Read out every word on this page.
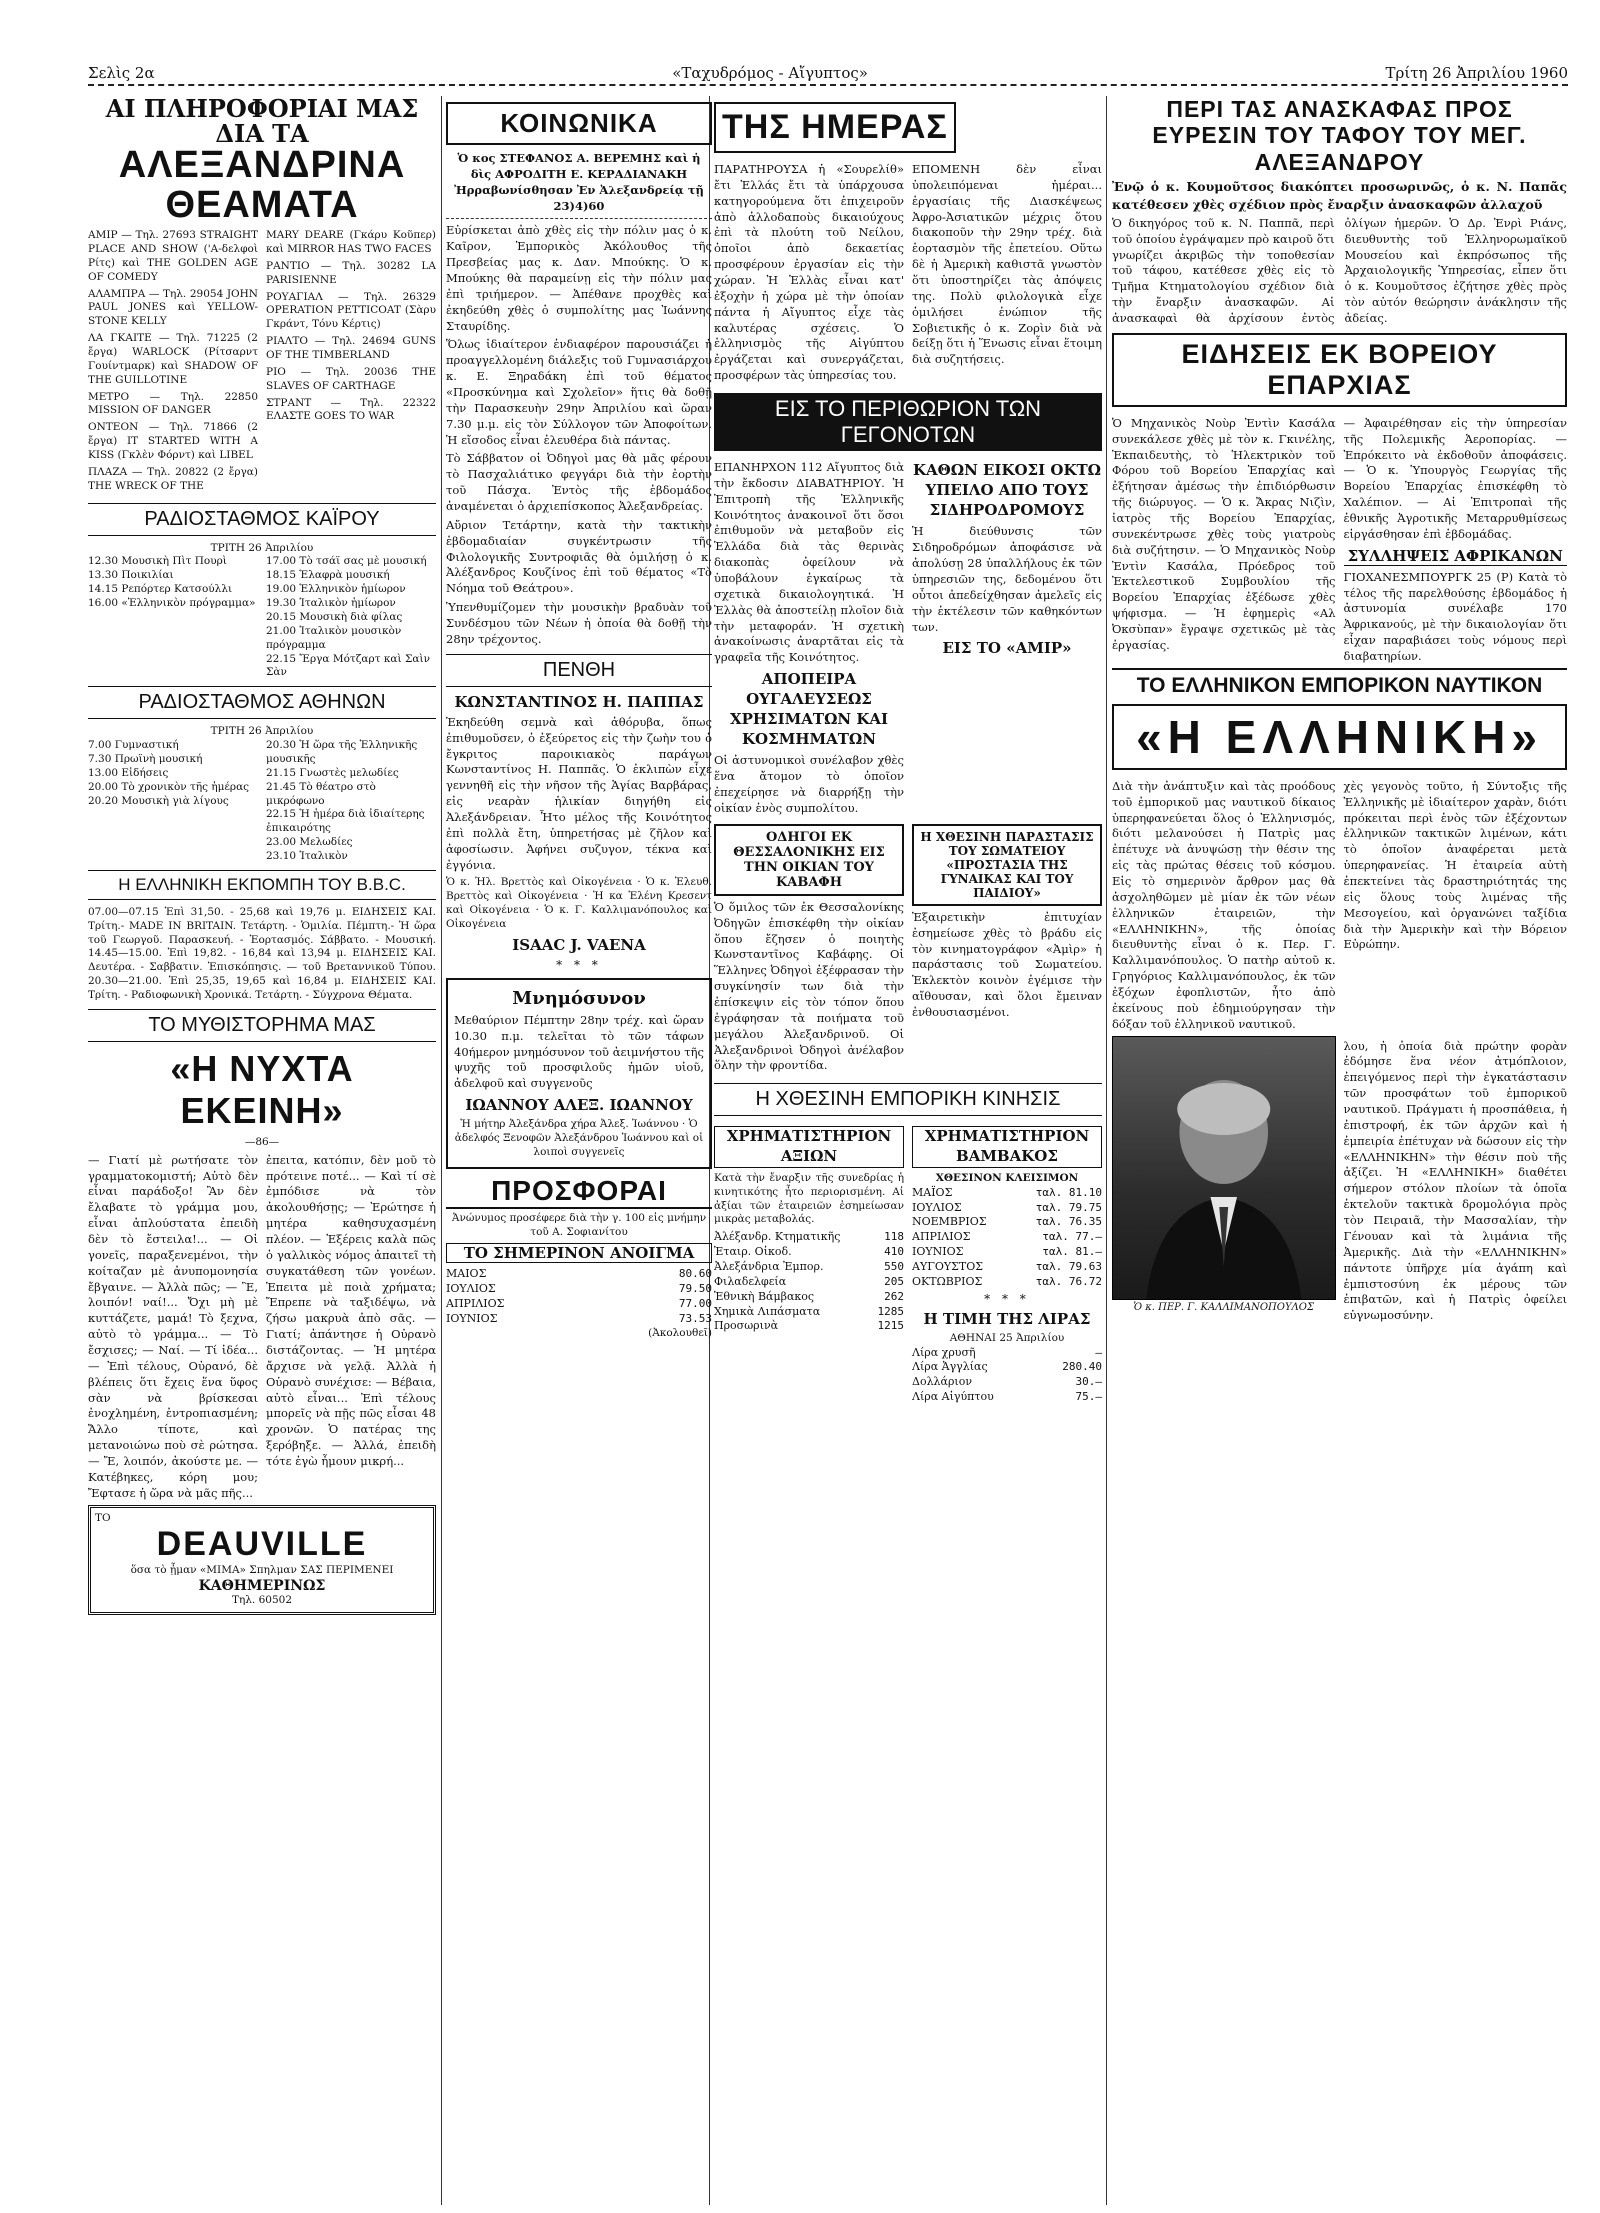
Σελὶς 2α	«Ταχυδρόμος - Αἴγυπτος»	Τρίτη 26 Ἀπριλίου 1960
ΑΙ ΠΛΗΡΟΦΟΡΙΑΙ ΜΑΣ ΔΙΑ ΤΑ
ΑΛΕΞΑΝΔΡΙΝΑ ΘΕΑΜΑΤΑ
ΑΜΙΡ — Τηλ. 27693 STRAIGHT PLACE AND SHOW ('Α-δελφοὶ Ρίτς) καὶ THE GOLDEN AGE OF COMEDY
ΑΛΑΜΠΡΑ — Τηλ. 29054 JOHN PAUL JONES καὶ YELLOW-STONE KELLY
ΛΑ ΓΚΑΙΤΕ — Τηλ. 71225 (2 ἔργα) WARLOCK (Ρίτσαρντ Γουίντμαρκ) καὶ SHADOW OF THE GUILLOTINE
ΜΕΤΡΟ — Τηλ. 22850 MISSION OF DANGER
ΟΝΤΕΟΝ — Τηλ. 71866 (2 ἔργα) IT STARTED WITH A KISS (Γκλὲν Φόρντ) καὶ LIBEL
ΠΛΑΖΑ — Τηλ. 20822 (2 ἔργα) THE WRECK OF THE
MARY DEARE (Γκάρυ Κοῦπερ) καὶ MIRROR HAS TWO FACES
ΡΑΝΤΙΟ — Τηλ. 30282 LA PARISIENNE
ΡΟΥΑΓΙΑΛ — Τηλ. 26329 OPERATION PETTICOAT (Σὰρυ Γκράντ, Τόνυ Κέρτις)
ΡΙΑΛΤΟ — Τηλ. 24694 GUNS OF THE TIMBERLAND
ΡΙΟ — Τηλ. 20036 THE SLAVES OF CARTHAGE
ΣΤΡΑΝΤ — Τηλ. 22322 ΕΛΑΣΤΕ GOES TO WAR
ΡΑΔΙΟΣΤΑΘΜΟΣ ΚΑΪΡΟΥ
ΤΡΙΤΗ 26 Ἀπριλίου
12.30 Μουσικὴ Πὶτ Πουρὶ
13.30 Ποικιλίαι
14.15 Ρεπόρτερ Κατσούλλι
16.00 «Ἑλληνικὸν πρόγραμμα»
17.00 Τὸ τσάϊ σας μὲ μουσική
18.15 Ἑλαφρὰ μουσική
19.00 Ἑλληνικὸν ἡμίωρον
19.30 Ἰταλικὸν ἡμίωρον
20.15 Μουσικὴ διὰ φίλας
21.00 Ἰταλικὸν μουσικὸν πρόγραμμα
22.15 Ἔργα Μότζαρτ καὶ Σαὶν Σὰν
ΡΑΔΙΟΣΤΑΘΜΟΣ ΑΘΗΝΩΝ
ΤΡΙΤΗ 26 Ἀπριλίου
7.00 Γυμναστική
7.30 Πρωϊνὴ μουσική
13.00 Εἰδήσεις
20.00 Τὸ χρονικὸν τῆς ἡμέρας
20.20 Μουσικὴ γιὰ λίγους
20.30 Ἡ ὥρα τῆς Ἑλληνικῆς μουσικῆς
21.15 Γνωστὲς μελωδίες
21.45 Τὸ θέατρο στὸ μικρόφωνο
22.15 Ἡ ἡμέρα διὰ ἰδιαίτερης ἐπικαιρότης
23.00 Μελωδίες
23.10 Ἰταλικὸν
Η ΕΛΛΗΝΙΚΗ ΕΚΠΟΜΠΗ ΤΟΥ Β.Β.C.
07.00—07.15 Ἐπὶ 31,50. - 25,68 καὶ 19,76 μ. ΕΙΔΗΣΕΙΣ ΚΑΙ. Τρίτη.- MADE IN BRITAIN. Τετάρτη. - Ὁμιλία. Πέμπτη.- Ἡ ὥρα τοῦ Γεωργοῦ. Παρασκευή. - Ἑορτασμός. Σάββατο. - Μουσική. 14.45—15.00. Ἐπὶ 19,82. - 16,84 καὶ 13,94 μ. ΕΙΔΗΣΕΙΣ ΚΑΙ. Δευτέρα. - Σαββατιν. Ἐπισκόπησις. — τοῦ Βρεταννικοῦ Τύπου. 20.30—21.00. Ἐπὶ 25,35, 19,65 καὶ 16,84 μ. ΕΙΔΗΣΕΙΣ ΚΑΙ. Τρίτη. - Ραδιοφωνικὴ Χρονικά. Τετάρτη. - Σύγχρονα Θέματα.
ΤΟ ΜΥΘΙΣΤΟΡΗΜΑ ΜΑΣ
«Η ΝΥΧΤΑ ΕΚΕΙΝΗ»
—86—
— Γιατί μὲ ρωτήσατε τὸν γραμματοκομιστή; Αὐτὸ δὲν εἶναι παράδοξο! Ἂν δὲν ἔλαβατε τὸ γράμμα μου, εἶναι ἀπλούστατα ἐπειδὴ δὲν τὸ ἔστειλα!... — Οἱ γονεῖς, παραξενεμένοι, τὴν κοίταζαν μὲ ἀνυπομονησία ἔβγαινε. — Ἀλλὰ πῶς; — Ἒ, λοιπόν! ναί!... Ὄχι μὴ μὲ κυττάζετε, μαμά! Τὸ ξεχνα, αὐτὸ τὸ γράμμα... — Τὸ ἔσχισες; — Ναί. — Τί ἰδέα... — Ἐπὶ τέλους, Οὐρανό, δὲ βλέπεις ὅτι ἔχεις ἕνα ὕφος σὰν νὰ βρίσκεσαι ἐνοχλημένη, ἐντροπιασμένη; Ἄλλο τίποτε, καὶ μετανοιώνω ποὺ σὲ ρώτησα. — Ἔ, λοιπόν, ἀκούστε με. — Κατέβηκες, κόρη μου; Ἔφτασε ἡ ὥρα νὰ μᾶς πῆς...
ἐπειτα, κατόπιν, δὲν μοῦ τὸ πρότεινε ποτέ... — Καὶ τί σὲ ἐμπόδισε νὰ τὸν ἀκολουθήσῃς; — Ἐρώτησε ἡ μητέρα καθησυχασμένη πλέον. — Ἐξέρεις καλὰ πῶς ὁ γαλλικὸς νόμος ἀπαιτεῖ τὴ συγκατάθεση τῶν γονέων. Ἐπειτα μὲ ποιὰ χρήματα; Ἔπρεπε νὰ ταξιδέψω, νὰ ζήσω μακρυὰ ἀπὸ σᾶς. — Γιατί; ἀπάντησε ἡ Οὐρανὸ διστάζοντας. — Ἡ μητέρα ἄρχισε νὰ γελᾷ. Ἀλλὰ ἡ Οὐρανὸ συνέχισε: — Βέβαια, αὐτὸ εἶναι... Ἐπὶ τέλους μπορεῖς νὰ πῇς πῶς εἶσαι 48 χρονῶν. Ὁ πατέρας της ξερόβηξε. — Ἀλλά, ἐπειδὴ τότε ἐγὼ ἦμουν μικρή...
TO
DEAUVILLE
ὅσα τὸ ᾖμαν «ΜΙΜΑ» Σπηλμαν ΣΑΣ ΠΕΡΙΜΕΝΕΙ
ΚΑΘΗΜΕΡΙΝΩΣ
Τηλ. 60502
ΚΟΙΝΩΝΙΚΑ
Ὁ κος ΣΤΕΦΑΝΟΣ Α. ΒΕΡΕΜΗΣ καὶ ἡ δὶς ΑΦΡΟΔΙΤΗ Ε. ΚΕΡΑΔΙΑΝΑΚΗ Ἠρραβωνίσθησαν Ἐν Ἀλεξανδρείᾳ τῇ 23)4)60
Εὐρίσκεται ἀπὸ χθὲς εἰς τὴν πόλιν μας ὁ κ. Καῖρον, Ἐμπορικὸς Ἀκόλουθος τῆς Πρεσβείας μας κ. Δαν. Μπούκης. Ὁ κ. Μπούκης θὰ παραμείνῃ εἰς τὴν πόλιν μας ἐπὶ τριήμερον. — Ἀπέθανε προχθὲς καὶ ἐκηδεύθη χθὲς ὁ συμπολίτης μας Ἰωάννης Σταυρίδης.
Ὅλως ἰδιαίτερον ἐνδιαφέρον παρουσιάζει ἡ προαγγελλομένη διάλεξις τοῦ Γυμνασιάρχου κ. Ε. Ξηραδάκη ἐπὶ τοῦ θέματος «Προσκύνημα καὶ Σχολεῖον» ἥτις θὰ δοθῇ τὴν Παρασκευὴν 29ην Ἀπριλίου καὶ ὥραν 7.30 μ.μ. εἰς τὸν Σύλλογον τῶν Ἀποφοίτων. Ἡ εἴσοδος εἶναι ἐλευθέρα διὰ πάντας.
Τὸ Σάββατον οἱ Ὀδηγοὶ μας θὰ μᾶς φέρουν τὸ Πασχαλιάτικο φεγγάρι διὰ τὴν ἐορτὴν τοῦ Πάσχα. Ἐντὸς τῆς ἑβδομάδος ἀναμένεται ὁ ἀρχιεπίσκοπος Ἀλεξανδρείας.
Αὔριον Τετάρτην, κατὰ τὴν τακτικὴν ἑβδομαδιαίαν συγκέντρωσιν τῆς Φιλολογικῆς Συντροφιᾶς θὰ ὁμιλήσῃ ὁ κ. Ἀλέξανδρος Κουζίνος ἐπὶ τοῦ θέματος «Τὸ Νόημα τοῦ Θεάτρου».
Ὑπενθυμίζομεν τὴν μουσικὴν βραδυὰν τοῦ Συνδέσμου τῶν Νέων ἡ ὁποία θὰ δοθῇ τὴν 28ην τρέχοντος.
ΠΕΝΘΗ
ΚΩΝΣΤΑΝΤΙΝΟΣ Η. ΠΑΠΠΑΣ
Ἐκηδεύθη σεμνὰ καὶ ἀθόρυβα, ὅπως ἐπιθυμοῦσεν, ὁ ἐξεύρετος εἰς τὴν ζωὴν του ὁ ἔγκριτος παροικιακὸς παράγων Κωνσταντίνος Η. Παππᾶς. Ὁ ἐκλιπὼν εἶχε γεννηθῆ εἰς τὴν νῆσον τῆς Ἁγίας Βαρβάρας, εἰς νεαρὰν ἡλικίαν διηγήθη εἰς Ἀλεξάνδρειαν. Ἦτο μέλος τῆς Κοινότητος ἐπὶ πολλὰ ἔτη, ὑπηρετήσας μὲ ζῆλον καὶ ἀφοσίωσιν. Ἀφήνει συζυγον, τέκνα καὶ ἐγγόνια.
Ὁ κ. Ἠλ. Βρεττὸς καὶ Οἰκογένεια · Ὁ κ. Ἐλευθ. Βρεττὸς καὶ Οἰκογένεια · Ἡ κα Ἐλένη Κρεσεντ καὶ Οἰκογένεια · Ὁ κ. Γ. Καλλιμανόπουλος καὶ Οἰκογένεια
ISAAC J. VAENA
* * *
Μνημόσυνον
Μεθαύριον Πέμπτην 28ην τρέχ. καὶ ὥραν 10.30 π.μ. τελεῖται τὸ τῶν τάφων 40ήμερον μνημόσυνον τοῦ ἀειμνήστου τῆς ψυχῆς τοῦ προσφιλοῦς ἡμῶν υἱοῦ, ἀδελφοῦ καὶ συγγενοῦς
ΙΩΑΝΝΟΥ ΑΛΕΞ. ΙΩΑΝΝΟΥ
Ἡ μήτηρ Ἀλεξάνδρα χήρα Ἀλεξ. Ἰωάννου · Ὁ ἀδελφός Ξενοφῶν Ἀλεξάνδρου Ἰωάννου καὶ οἱ λοιποὶ συγγενεῖς
ΠΡΟΣΦΟΡΑΙ
Ἀνώνυμος προσέφερε διὰ τὴν γ. 100 εἰς μνήμην τοῦ Α. Σοφιανίτου
ΤΟ ΣΗΜΕΡΙΝΟΝ ΑΝΟΙΓΜΑ
ΜΑΙΟΣ	80.60
ΙΟΥΛΙΟΣ	79.50
ΑΠΡΙΛΙΟΣ	77.00
ΙΟΥΝΙΟΣ	73.53
(Ἀκολουθεῖ)
ΤΗΣ ΗΜΕΡΑΣ
ΠΑΡΑΤΗΡΟΥΣΑ ἡ «Σουρελίθ» ἔτι Ἑλλάς ἔτι τὰ ὑπάρχουσα κατηγορούμενα ὅτι ἐπιχειροῦν ἀπὸ ἀλλοδαποὺς δικαιούχους ἐπὶ τὰ πλούτη τοῦ Νείλου, ὁποῖοι ἀπὸ δεκαετίας προσφέρουν ἐργασίαν εἰς τὴν χώραν. Ἡ Ἑλλὰς εἶναι κατ' ἐξοχὴν ἡ χώρα μὲ τὴν ὁποίαν πάντα ἡ Αἴγυπτος εἶχε τὰς καλυτέρας σχέσεις. Ὁ ἑλληνισμὸς τῆς Αἰγύπτου ἐργάζεται καὶ συνεργάζεται, προσφέρων τὰς ὑπηρεσίας του.
ΕΠΟΜΕΝΗ δὲν εἶναι ὑπολειπόμεναι ἡμέραι... ἐργασίαις τῆς Διασκέψεως Ἀφρο-Ἀσιατικῶν μέχρις ὅτου διακοποῦν τὴν 29ην τρέχ. διὰ ἑορτασμὸν τῆς ἐπετείου. Οὕτω δὲ ἡ Ἀμερικὴ καθιστᾶ γνωστὸν ὅτι ὑποστηρίζει τὰς ἀπόψεις της. Πολὺ φιλολογικὰ εἶχε ὁμιλήσει ἐνώπιον τῆς Σοβιετικῆς ὁ κ. Ζορὶν διὰ νὰ δείξῃ ὅτι ἡ Ἕνωσις εἶναι ἕτοιμη διὰ συζητήσεις.
ΕΙΣ ΤΟ ΠΕΡΙΘΩΡΙΟΝ ΤΩΝ ΓΕΓΟΝΟΤΩΝ
ΕΠΑΝΗΡΧΟΝ 112 Αἴγυπτος διὰ τὴν ἔκδοσιν ΔΙΑΒΑΤΗΡΙΟΥ. Ἡ Ἐπιτροπὴ τῆς Ἑλληνικῆς Κοινότητος ἀνακοινοῖ ὅτι ὅσοι ἐπιθυμοῦν νὰ μεταβοῦν εἰς Ἑλλάδα διὰ τὰς θερινὰς διακοπὰς ὀφείλουν νὰ ὑποβάλουν ἐγκαίρως τὰ σχετικὰ δικαιολογητικά. Ἡ Ἑλλὰς θὰ ἀποστείλῃ πλοῖον διὰ τὴν μεταφοράν. Ἡ σχετικὴ ἀνακοίνωσις ἀναρτᾶται εἰς τὰ γραφεῖα τῆς Κοινότητος.
ΑΠΟΠΕΙΡΑ ΟΥΓΑΛΕΥΣΕΩΣ ΧΡΗΣΙΜΑΤΩΝ ΚΑΙ ΚΟΣΜΗΜΑΤΩΝ
Οἱ ἀστυνομικοὶ συνέλαβον χθὲς ἕνα ἄτομον τὸ ὁποῖον ἐπεχείρησε νὰ διαρρήξῃ τὴν οἰκίαν ἑνὸς συμπολίτου.
ΚΑΘΩΝ ΕΙΚΟΣΙ ΟΚΤΩ ΥΠΕΙΛΟ ΑΠΟ ΤΟΥΣ ΣΙΔΗΡΟΔΡΟΜΟΥΣ
Ἡ διεύθυνσις τῶν Σιδηροδρόμων ἀποφάσισε νὰ ἀπολύσῃ 28 ὑπαλλήλους ἐκ τῶν ὑπηρεσιῶν της, δεδομένου ὅτι οὗτοι ἀπεδείχθησαν ἀμελεῖς εἰς τὴν ἐκτέλεσιν τῶν καθηκόντων των.
ΕΙΣ ΤΟ «ΑΜΙΡ»
ΟΔΗΓΟΙ ΕΚ ΘΕΣΣΑΛΟΝΙΚΗΣ ΕΙΣ ΤΗΝ ΟΙΚΙΑΝ ΤΟΥ ΚΑΒΑΦΗ
Ὁ ὅμιλος τῶν ἐκ Θεσσαλονίκης Ὀδηγῶν ἐπισκέφθη τὴν οἰκίαν ὅπου ἔζησεν ὁ ποιητὴς Κωνσταντῖνος Καβάφης. Οἱ Ἕλληνες Ὀδηγοὶ ἐξέφρασαν τὴν συγκίνησίν των διὰ τὴν ἐπίσκεψιν εἰς τὸν τόπον ὅπου ἐγράφησαν τὰ ποιήματα τοῦ μεγάλου Ἀλεξανδρινοῦ. Οἱ Ἀλεξανδρινοὶ Ὀδηγοὶ ἀνέλαβον ὅλην τὴν φροντίδα.
Η ΧΘΕΣΙΝΗ ΠΑΡΑΣΤΑΣΙΣ ΤΟΥ ΣΩΜΑΤΕΙΟΥ «ΠΡΟΣΤΑΣΙΑ ΤΗΣ ΓΥΝΑΙΚΑΣ ΚΑΙ ΤΟΥ ΠΑΙΔΙΟΥ»
Ἐξαιρετικὴν ἐπιτυχίαν ἐσημείωσε χθὲς τὸ βράδυ εἰς τὸν κινηματογράφον «Ἀμὶρ» ἡ παράστασις τοῦ Σωματείου. Ἐκλεκτὸν κοινὸν ἐγέμισε τὴν αἴθουσαν, καὶ ὅλοι ἔμειναν ἐνθουσιασμένοι.
Η ΧΘΕΣΙΝΗ ΕΜΠΟΡΙΚΗ ΚΙΝΗΣΙΣ
ΧΡΗΜΑΤΙΣΤΗΡΙΟΝ ΑΞΙΩΝ
Κατὰ τὴν ἔναρξιν τῆς συνεδρίας ἡ κινητικότης ἦτο περιορισμένη. Αἱ ἀξίαι τῶν ἐταιρειῶν ἐσημείωσαν μικρὰς μεταβολάς.
Ἀλέξανδρ. Κτηματικῆς	118
Ἐταιρ. Οἰκοδ.	410
Ἀλεξάνδρια Ἐμπορ.	550
Φιλαδελφεία	205
Ἐθνικὴ Βάμβακος	262
Χημικὰ Λιπάσματα	1285
Προσωρινὰ	1215
ΧΡΗΜΑΤΙΣΤΗΡΙΟΝ ΒΑΜΒΑΚΟΣ
ΧΘΕΣΙΝΟΝ ΚΛΕΙΣΙΜΟΝ
ΜΑΪΟΣ	ταλ. 81.10
ΙΟΥΛΙΟΣ	ταλ. 79.75
ΝΟΕΜΒΡΙΟΣ	ταλ. 76.35
ΑΠΡΙΛΙΟΣ	ταλ. 77.—
ΙΟΥΝΙΟΣ	ταλ. 81.—
ΑΥΓΟΥΣΤΟΣ	ταλ. 79.63
ΟΚΤΩΒΡΙΟΣ	ταλ. 76.72
* * *
Η ΤΙΜΗ ΤΗΣ ΛΙΡΑΣ
ΑΘΗΝΑΙ 25 Ἀπριλίου
Λίρα χρυσῆ	—
Λίρα Ἀγγλίας	280.40
Δολλάριον	30.—
Λίρα Αἰγύπτου	75.—
ΠΕΡΙ ΤΑΣ ΑΝΑΣΚΑΦΑΣ ΠΡΟΣ ΕΥΡΕΣΙΝ ΤΟΥ ΤΑΦΟΥ ΤΟΥ ΜΕΓ. ΑΛΕΞΑΝΔΡΟΥ
Ἐνῷ ὁ κ. Κουμοῦτσος διακόπτει προσωρινῶς, ὁ κ. Ν. Παπᾶς κατέθεσεν χθὲς σχέδιον πρὸς ἔναρξιν ἀνασκαφῶν ἀλλαχοῦ
Ὁ δικηγόρος τοῦ κ. Ν. Παππᾶ, περὶ τοῦ ὁποίου ἐγράψαμεν πρὸ καιροῦ ὅτι γνωρίζει ἀκριβῶς τὴν τοποθεσίαν τοῦ τάφου, κατέθεσε χθὲς εἰς τὸ Τμῆμα Κτηματολογίου σχέδιον διὰ τὴν ἔναρξιν ἀνασκαφῶν. Αἱ ἀνασκαφαὶ θὰ ἀρχίσουν ἐντὸς ὀλίγων ἡμερῶν. Ὁ Δρ. Ἐνρὶ Ριάνς, διευθυντὴς τοῦ Ἑλληνορωμαϊκοῦ Μουσείου καὶ ἐκπρόσωπος τῆς Ἀρχαιολογικῆς Ὑπηρεσίας, εἶπεν ὅτι ὁ κ. Κουμοῦτσος ἐζήτησε χθὲς πρὸς τὸν αὐτόν θεώρησιν ἀνάκλησιν τῆς ἀδείας.
ΕΙΔΗΣΕΙΣ ΕΚ ΒΟΡΕΙΟΥ ΕΠΑΡΧΙΑΣ
Ὁ Μηχανικὸς Νοὺρ Ἐντὶν Κασάλα συνεκάλεσε χθὲς μὲ τὸν κ. Γκινέλης, Ἐκπαιδευτὴς, τὸ Ἡλεκτρικὸν τοῦ Φόρου τοῦ Βορείου Ἐπαρχίας καὶ ἐξήτησαν ἀμέσως τὴν ἐπιδιόρθωσιν τῆς διώρυγος. — Ὁ κ. Ἄκρας Νιζὶν, ἰατρὸς τῆς Βορείου Ἐπαρχίας, συνεκέντρωσε χθὲς τοὺς γιατροὺς διὰ συζήτησιν. — Ὁ Μηχανικὸς Νοὺρ Ἐντὶν Κασάλα, Πρόεδρος τοῦ Ἐκτελεστικοῦ Συμβουλίου τῆς Βορείου Ἐπαρχίας ἐξέδωσε χθὲς ψήφισμα. — Ἡ ἐφημερὶς «Αλ Ὀκσὺπαν» ἔγραψε σχετικῶς μὲ τὰς ἐργασίας.
— Ἀφαιρέθησαν εἰς τὴν ὑπηρεσίαν τῆς Πολεμικῆς Ἀεροπορίας. — Ἐπρόκειτο νὰ ἐκδοθοῦν ἀποφάσεις. — Ὁ κ. Ὑπουργὸς Γεωργίας τῆς Βορείου Ἐπαρχίας ἐπισκέφθη τὸ Χαλέπιον. — Αἱ Ἐπιτροπαὶ τῆς ἐθνικῆς Ἀγροτικῆς Μεταρρυθμίσεως εἰργάσθησαν ἐπὶ ἑβδομάδας.
ΣΥΛΛΗΨΕΙΣ ΑΦΡΙΚΑΝΩΝ
ΓΙΟΧΑΝΕΣΜΠΟΥΡΓΚ 25 (Ρ) Κατὰ τὸ τέλος τῆς παρελθούσης ἑβδομάδος ἡ ἀστυνομία συνέλαβε 170 Ἀφρικανούς, μὲ τὴν δικαιολογίαν ὅτι εἶχαν παραβιάσει τοὺς νόμους περὶ διαβατηρίων.
ΤΟ ΕΛΛΗΝΙΚΟΝ ΕΜΠΟΡΙΚΟΝ ΝΑΥΤΙΚΟΝ
«Η ΕΛΛΗΝΙΚΗ»
Διὰ τὴν ἀνάπτυξιν καὶ τὰς προόδους τοῦ ἐμπορικοῦ μας ναυτικοῦ δίκαιος ὑπερηφανεύεται ὅλος ὁ Ἑλληνισμός, διότι μελανούσει ἡ Πατρὶς μας ἐπέτυχε νὰ ἀνυψώσῃ τὴν θέσιν της εἰς τὰς πρώτας θέσεις τοῦ κόσμου. Εἰς τὸ σημερινὸν ἄρθρον μας θὰ ἀσχοληθῶμεν μὲ μίαν ἐκ τῶν νέων ἑλληνικῶν ἐταιρειῶν, τὴν «ΕΛΛΗΝΙΚΗΝ», τῆς ὁποίας διευθυντὴς εἶναι ὁ κ. Περ. Γ. Καλλιμανόπουλος. Ὁ πατὴρ αὐτοῦ κ. Γρηγόριος Καλλιμανόπουλος, ἐκ τῶν ἐξόχων ἐφοπλιστῶν, ἦτο ἀπὸ ἐκείνους ποὺ ἐδημιούργησαν τὴν δόξαν τοῦ ἑλληνικοῦ ναυτικοῦ.
χὲς γεγονὸς τοῦτο, ἡ Σύντοξις τῆς Ἑλληνικῆς μὲ ἰδιαίτερον χαρὰν, διότι πρόκειται περὶ ἑνὸς τῶν ἐξέχοντων ἑλληνικῶν τακτικῶν λιμένων, κάτι τὸ ὁποῖον ἀναφέρεται μετὰ ὑπερηφανείας. Ἡ ἐταιρεία αὐτὴ ἐπεκτείνει τὰς δραστηριότητάς της εἰς ὅλους τοὺς λιμένας τῆς Μεσογείου, καὶ ὀργανώνει ταξίδια διὰ τὴν Ἀμερικὴν καὶ τὴν Βόρειον Εὐρώπην.
Ὁ κ. ΠΕΡ. Γ. ΚΑΛΛΙΜΑΝΟΠΟΥΛΟΣ
λου, ἡ ὁποία διὰ πρώτην φορὰν ἐδόμησε ἕνα νέον ἀτμόπλοιον, ἐπειγόμενος περὶ τὴν ἐγκατάστασιν τῶν προσφάτων τοῦ ἐμπορικοῦ ναυτικοῦ. Πράγματι ἡ προσπάθεια, ἡ ἐπιστροφή, ἐκ τῶν ἀρχῶν καὶ ἡ ἐμπειρία ἐπέτυχαν νὰ δώσουν εἰς τὴν «ΕΛΛΗΝΙΚΗΝ» τὴν θέσιν ποὺ τῆς ἀξίζει. Ἡ «ΕΛΛΗΝΙΚΗ» διαθέτει σήμερον στόλον πλοίων τὰ ὁποῖα ἐκτελοῦν τακτικὰ δρομολόγια πρὸς τὸν Πειραιᾶ, τὴν Μασσαλίαν, τὴν Γένουαν καὶ τὰ λιμάνια τῆς Ἀμερικῆς. Διὰ τὴν «ΕΛΛΗΝΙΚΗΝ» πάντοτε ὑπῆρχε μία ἀγάπη καὶ ἐμπιστοσύνη ἐκ μέρους τῶν ἐπιβατῶν, καὶ ἡ Πατρὶς ὀφείλει εὐγνωμοσύνην.
